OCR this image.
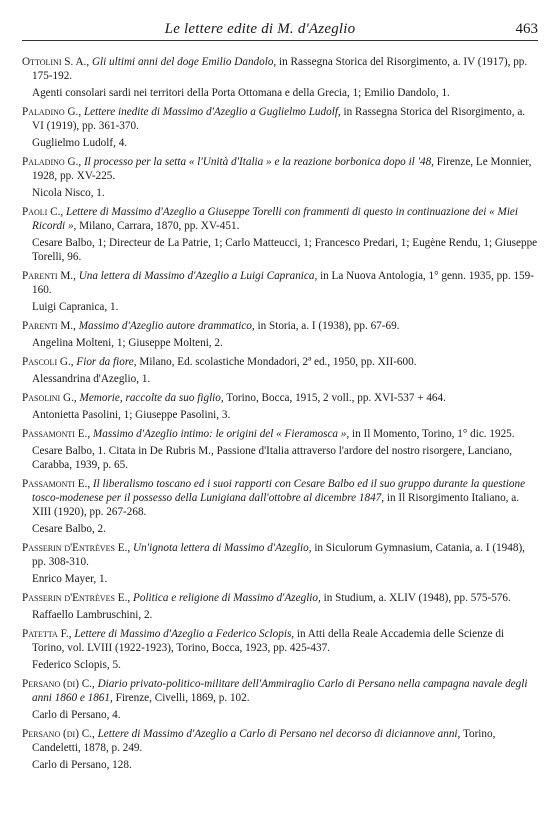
Le lettere edite di M. d'Azeglio	463
Ottolini S. A., Gli ultimi anni del doge Emilio Dandolo, in Rassegna Storica del Risorgimento, a. IV (1917), pp. 175-192.
Agenti consolari sardi nei territori della Porta Ottomana e della Grecia, 1; Emilio Dandolo, 1.
Paladino G., Lettere inedite di Massimo d'Azeglio a Guglielmo Ludolf, in Rassegna Storica del Risorgimento, a. VI (1919), pp. 361-370.
Guglielmo Ludolf, 4.
Paladino G., Il processo per la setta « l'Unità d'Italia » e la reazione borbonica dopo il '48, Firenze, Le Monnier, 1928, pp. XV-225.
Nicola Nisco, 1.
Paoli C., Lettere di Massimo d'Azeglio a Giuseppe Torelli con frammenti di questo in continuazione dei « Miei Ricordi », Milano, Carrara, 1870, pp. XV-451.
Cesare Balbo, 1; Directeur de La Patrie, 1; Carlo Matteucci, 1; Francesco Predari, 1; Eugène Rendu, 1; Giuseppe Torelli, 96.
Parenti M., Una lettera di Massimo d'Azeglio a Luigi Capranica, in La Nuova Antologia, 1° genn. 1935, pp. 159-160.
Luigi Capranica, 1.
Parenti M., Massimo d'Azeglio autore drammatico, in Storia, a. I (1938), pp. 67-69.
Angelina Molteni, 1; Giuseppe Molteni, 2.
Pascoli G., Fior da fiore, Milano, Ed. scolastiche Mondadori, 2ª ed., 1950, pp. XII-600.
Alessandrina d'Azeglio, 1.
Pasolini G., Memorie, raccolte da suo figlio, Torino, Bocca, 1915, 2 voll., pp. XVI-537 + 464.
Antonietta Pasolini, 1; Giuseppe Pasolini, 3.
Passamonti E., Massimo d'Azeglio intimo: le origini del « Fieramosca », in Il Momento, Torino, 1° dic. 1925.
Cesare Balbo, 1. Citata in De Rubris M., Passione d'Italia attraverso l'ardore del nostro risorgere, Lanciano, Carabba, 1939, p. 65.
Passamonti E., Il liberalismo toscano ed i suoi rapporti con Cesare Balbo ed il suo gruppo durante la questione tosco-modenese per il possesso della Lunigiana dall'ottobre al dicembre 1847, in Il Risorgimento Italiano, a. XIII (1920), pp. 267-268.
Cesare Balbo, 2.
Passerin d'Entrèves E., Un'ignota lettera di Massimo d'Azeglio, in Siculorum Gymnasium, Catania, a. I (1948), pp. 308-310.
Enrico Mayer, 1.
Passerin d'Entrèves E., Politica e religione di Massimo d'Azeglio, in Studium, a. XLIV (1948), pp. 575-576.
Raffaello Lambruschini, 2.
Patetta F., Lettere di Massimo d'Azeglio a Federico Sclopis, in Atti della Reale Accademia delle Scienze di Torino, vol. LVIII (1922-1923), Torino, Bocca, 1923, pp. 425-437.
Federico Sclopis, 5.
Persano (di) C., Diario privato-politico-militare dell'Ammiraglio Carlo di Persano nella campagna navale degli anni 1860 e 1861, Firenze, Civelli, 1869, p. 102.
Carlo di Persano, 4.
Persano (di) C., Lettere di Massimo d'Azeglio a Carlo di Persano nel decorso di diciannove anni, Torino, Candeletti, 1878, p. 249.
Carlo di Persano, 128.
